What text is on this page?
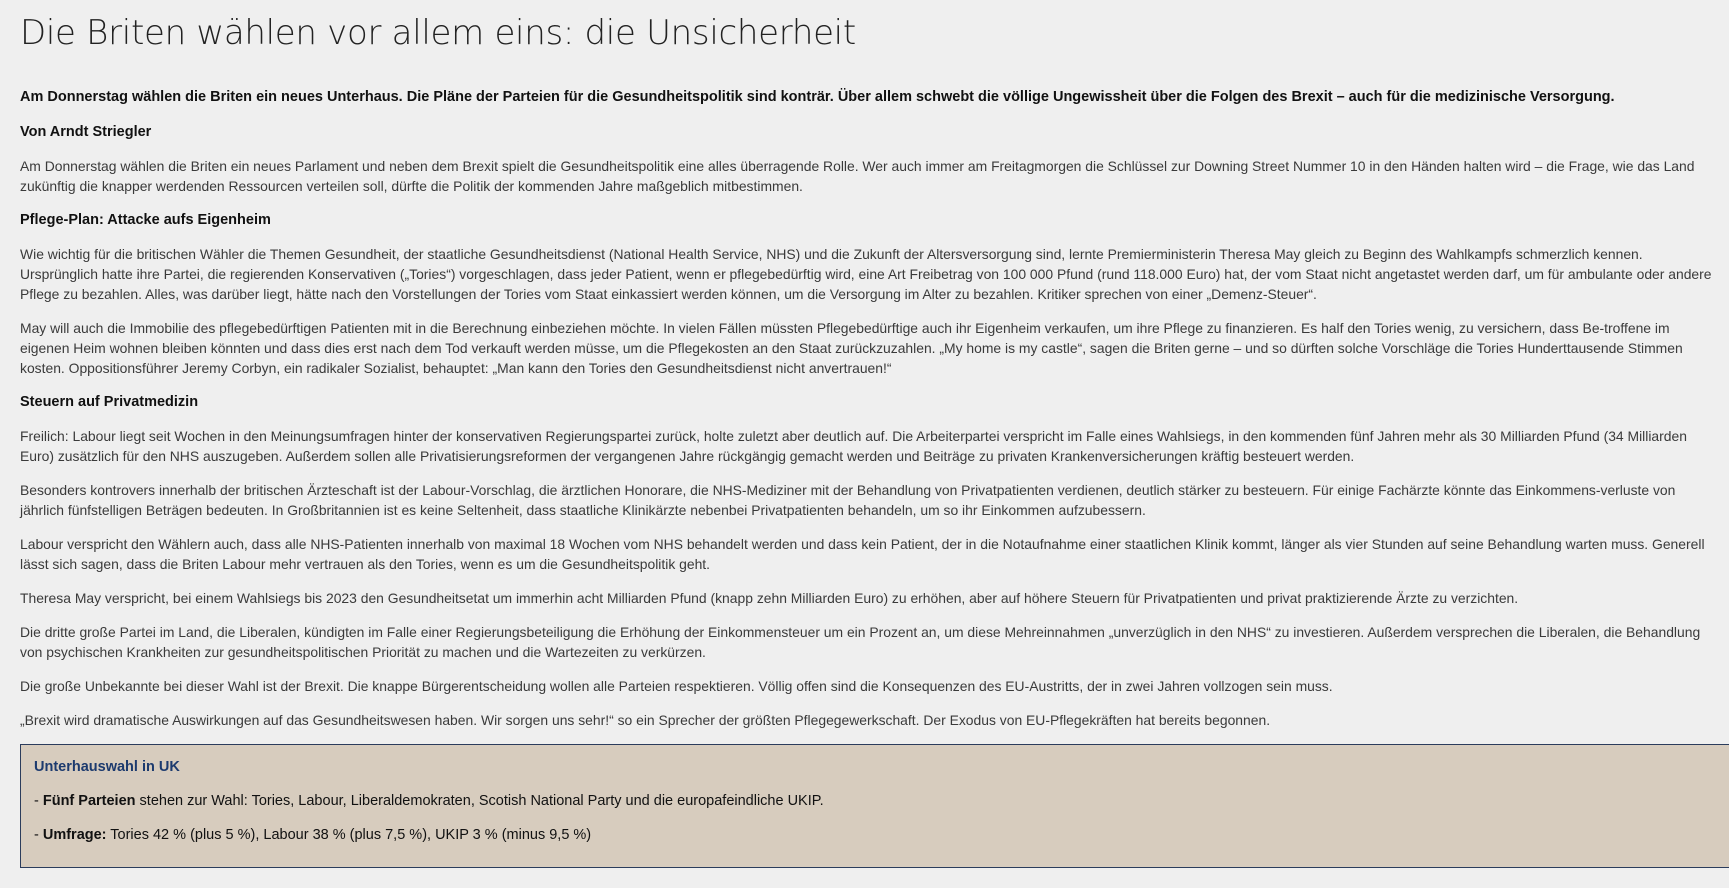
Die Briten wählen vor allem eins: die Unsicherheit

Am Donnerstag wählen die Briten ein neues Unterhaus. Die Pläne der Parteien für die Gesundheitspolitik sind konträr. Über allem schwebt die völlige Ungewissheit über die Folgen des Brexit – auch für die medizinische Versorgung.

Von Arndt Striegler

Am Donnerstag wählen die Briten ein neues Parlament und neben dem Brexit spielt die Gesundheitspolitik eine alles überragende Rolle. Wer auch immer am Freitagmorgen die Schlüssel zur Downing Street Nummer 10 in den Händen halten wird – die Frage, wie das Land zukünftig die knapper werdenden Ressourcen verteilen soll, dürfte die Politik der kommenden Jahre maßgeblich mitbestimmen.

Pflege-Plan: Attacke aufs Eigenheim

Wie wichtig für die britischen Wähler die Themen Gesundheit, der staatliche Gesundheitsdienst (National Health Service, NHS) und die Zukunft der Altersversorgung sind, lernte Premierministerin Theresa May gleich zu Beginn des Wahlkampfs schmerzlich kennen. Ursprünglich hatte ihre Partei, die regierenden Konservativen („Tories“) vorgeschlagen, dass jeder Patient, wenn er pflegebedürftig wird, eine Art Freibetrag von 100 000 Pfund (rund 118.000 Euro) hat, der vom Staat nicht angetastet werden darf, um für ambulante oder andere Pflege zu bezahlen. Alles, was darüber liegt, hätte nach den Vorstellungen der Tories vom Staat einkassiert werden können, um die Versorgung im Alter zu bezahlen. Kritiker sprechen von einer „Demenz-Steuer“.

May will auch die Immobilie des pflegebedürftigen Patienten mit in die Berechnung einbeziehen möchte. In vielen Fällen müssten Pflegebedürftige auch ihr Eigenheim verkaufen, um ihre Pflege zu finanzieren. Es half den Tories wenig, zu versichern, dass Be-troffene im eigenen Heim wohnen bleiben könnten und dass dies erst nach dem Tod verkauft werden müsse, um die Pflegekosten an den Staat zurückzuzahlen. „My home is my castle“, sagen die Briten gerne – und so dürften solche Vorschläge die Tories Hunderttausende Stimmen kosten. Oppositionsführer Jeremy Corbyn, ein radikaler Sozialist, behauptet: „Man kann den Tories den Gesundheitsdienst nicht anvertrauen!“

Steuern auf Privatmedizin

Freilich: Labour liegt seit Wochen in den Meinungsumfragen hinter der konservativen Regierungspartei zurück, holte zuletzt aber deutlich auf. Die Arbeiterpartei verspricht im Falle eines Wahlsiegs, in den kommenden fünf Jahren mehr als 30 Milliarden Pfund (34 Milliarden Euro) zusätzlich für den NHS auszugeben. Außerdem sollen alle Privatisierungsreformen der vergangenen Jahre rückgängig gemacht werden und Beiträge zu privaten Krankenversicherungen kräftig besteuert werden.

Besonders kontrovers innerhalb der britischen Ärzteschaft ist der Labour-Vorschlag, die ärztlichen Honorare, die NHS-Mediziner mit der Behandlung von Privatpatienten verdienen, deutlich stärker zu besteuern. Für einige Fachärzte könnte das Einkommens-verluste von jährlich fünfstelligen Beträgen bedeuten. In Großbritannien ist es keine Seltenheit, dass staatliche Klinikärzte nebenbei Privatpatienten behandeln, um so ihr Einkommen aufzubessern.

Labour verspricht den Wählern auch, dass alle NHS-Patienten innerhalb von maximal 18 Wochen vom NHS behandelt werden und dass kein Patient, der in die Notaufnahme einer staatlichen Klinik kommt, länger als vier Stunden auf seine Behandlung warten muss. Generell lässt sich sagen, dass die Briten Labour mehr vertrauen als den Tories, wenn es um die Gesundheitspolitik geht.

Theresa May verspricht, bei einem Wahlsiegs bis 2023 den Gesundheitsetat um immerhin acht Milliarden Pfund (knapp zehn Milliarden Euro) zu erhöhen, aber auf höhere Steuern für Privatpatienten und privat praktizierende Ärzte zu verzichten.

Die dritte große Partei im Land, die Liberalen, kündigten im Falle einer Regierungsbeteiligung die Erhöhung der Einkommensteuer um ein Prozent an, um diese Mehreinnahmen „unverzüglich in den NHS“ zu investieren. Außerdem versprechen die Liberalen, die Behandlung von psychischen Krankheiten zur gesundheitspolitischen Priorität zu machen und die Wartezeiten zu verkürzen.

Die große Unbekannte bei dieser Wahl ist der Brexit. Die knappe Bürgerentscheidung wollen alle Parteien respektieren. Völlig offen sind die Konsequenzen des EU-Austritts, der in zwei Jahren vollzogen sein muss.

„Brexit wird dramatische Auswirkungen auf das Gesundheitswesen haben. Wir sorgen uns sehr!“ so ein Sprecher der größten Pflegegewerkschaft. Der Exodus von EU-Pflegekräften hat bereits begonnen.

Unterhauswahl in UK

- Fünf Parteien stehen zur Wahl: Tories, Labour, Liberaldemokraten, Scotish National Party und die europafeindliche UKIP.

- Umfrage: Tories 42 % (plus 5 %), Labour 38 % (plus 7,5 %), UKIP 3 % (minus 9,5 %)
